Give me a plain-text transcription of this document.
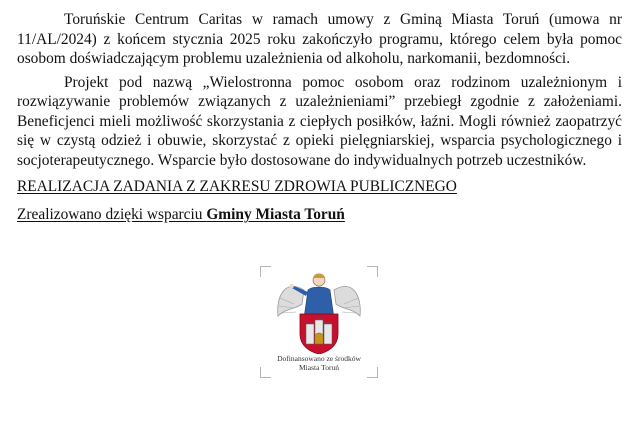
Toruńskie Centrum Caritas w ramach umowy z Gminą Miasta Toruń (umowa nr 11/AL/2024) z końcem stycznia 2025 roku zakończyło programu, którego celem była pomoc osobom doświadczającym problemu uzależnienia od alkoholu, narkomanii, bezdomności.

Projekt pod nazwą „Wielostronna pomoc osobom oraz rodzinom uzależnionym i rozwiązywanie problemów związanych z uzależnieniami” przebiegł zgodnie z założeniami. Beneficjenci mieli możliwość skorzystania z ciepłych posiłków, łaźni. Mogli również zaopatrzyć się w czystą odzież i obuwie, skorzystać z opieki pielęgniarskiej, wsparcia psychologicznego i socjoterapeutycznego. Wsparcie było dostosowane do indywidualnych potrzeb uczestników.

REALIZACJA ZADANIA Z ZAKRESU ZDROWIA PUBLICZNEGO
Zrealizowano dzięki wsparciu Gminy Miasta Toruń
Dofinansowano ze środków
Miasta Toruń
